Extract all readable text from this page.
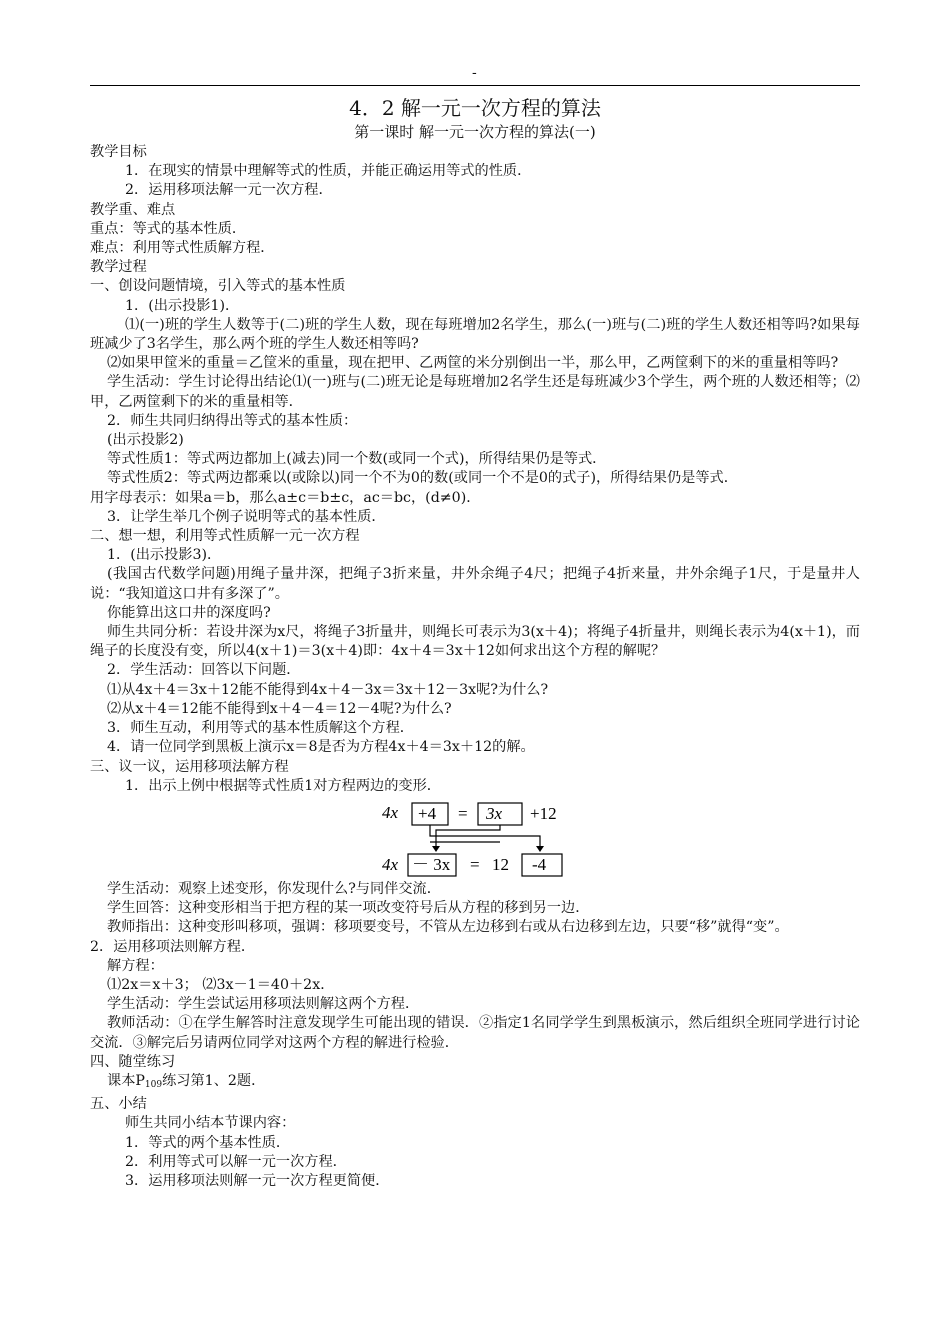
-
4．2 解一元一次方程的算法
第一课时 解一元一次方程的算法(一)

教学目标

1．在现实的情景中理解等式的性质，并能正确运用等式的性质．

2．运用移项法解一元一次方程．

教学重、难点

重点：等式的基本性质．

难点：利用等式性质解方程．

教学过程

一、创设问题情境，引入等式的基本性质

1．(出示投影1)．

⑴(一)班的学生人数等于(二)班的学生人数，现在每班增加2名学生，那么(一)班与(二)班的学生人数还相等吗?如果每班减少了3名学生，那么两个班的学生人数还相等吗?

⑵如果甲筐米的重量＝乙筐米的重量，现在把甲、乙两筐的米分别倒出一半，那么甲，乙两筐剩下的米的重量相等吗?

学生活动：学生讨论得出结论⑴(一)班与(二)班无论是每班增加2名学生还是每班减少3个学生，两个班的人数还相等；⑵甲，乙两筐剩下的米的重量相等．

2．师生共同归纳得出等式的基本性质：

(出示投影2)

等式性质1：等式两边都加上(减去)同一个数(或同一个式)，所得结果仍是等式．

等式性质2：等式两边都乘以(或除以)同一个不为0的数(或同一个不是0的式子)，所得结果仍是等式．

用字母表示：如果a＝b，那么a±c＝b±c，ac＝bc，(d≠0)．

3．让学生举几个例子说明等式的基本性质．

二、想一想，利用等式性质解一元一次方程

1．(出示投影3)．

(我国古代数学问题)用绳子量井深，把绳子3折来量，井外余绳子4尺；把绳子4折来量，井外余绳子1尺，于是量井人说：“我知道这口井有多深了”。

你能算出这口井的深度吗?

师生共同分析：若设井深为x尺，将绳子3折量井，则绳长可表示为3(x＋4)；将绳子4折量井，则绳长表示为4(x＋1)，而绳子的长度没有变，所以4(x＋1)＝3(x＋4)即：4x＋4＝3x＋12如何求出这个方程的解呢？

2．学生活动：回答以下问题．

⑴从4x＋4＝3x＋12能不能得到4x＋4－3x＝3x＋12－3x呢?为什么?

⑵从x＋4＝12能不能得到x＋4－4＝12－4呢?为什么?

3．师生互动，利用等式的基本性质解这个方程．

4．请一位同学到黑板上演示x＝8是否为方程4x＋4＝3x＋12的解。

三、议一议，运用移项法解方程

1．出示上例中根据等式性质1对方程两边的变形．

4x +4 = 3x +12
4x － 3x = 12 -4

学生活动：观察上述变形，你发现什么?与同伴交流．

学生回答：这种变形相当于把方程的某一项改变符号后从方程的移到另一边．

教师指出：这种变形叫移项，强调：移项要变号，不管从左边移到右或从右边移到左边，只要“移”就得“变”。

2．运用移项法则解方程．

解方程：

⑴2x＝x＋3； ⑵3x－1＝40＋2x．

学生活动：学生尝试运用移项法则解这两个方程．

教师活动：①在学生解答时注意发现学生可能出现的错误．②指定1名同学学生到黑板演示，然后组织全班同学进行讨论交流．③解完后另请两位同学对这两个方程的解进行检验．

四、随堂练习

课本$P_{109}$练习第1、2题．

五、小结

师生共同小结本节课内容：

1．等式的两个基本性质．

2．利用等式可以解一元一次方程．

3．运用移项法则解一元一次方程更简便．
